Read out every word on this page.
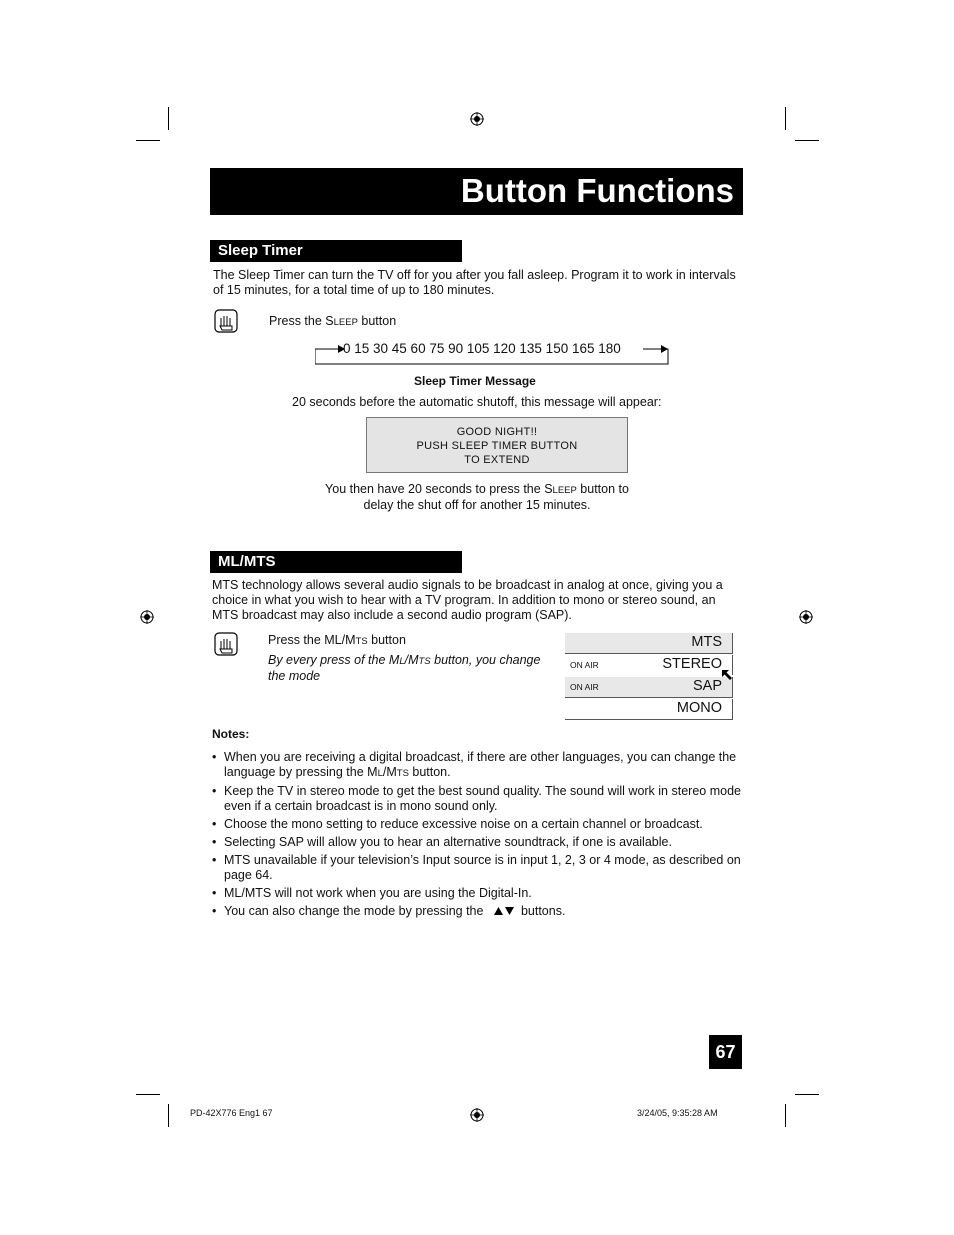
Button Functions
Sleep Timer
The Sleep Timer can turn the TV off for you after you fall asleep. Program it to work in intervals of 15 minutes, for a total time of up to 180 minutes.
Press the SLEEP button
0 15 30 45 60 75 90 105 120 135 150 165 180
Sleep Timer Message
20 seconds before the automatic shutoff, this message will appear:
GOOD NIGHT!!
PUSH SLEEP TIMER BUTTON
TO EXTEND
You then have 20 seconds to press the SLEEP button to
delay the shut off for another 15 minutes.
ML/MTS
MTS technology allows several audio signals to be broadcast in analog at once, giving you a choice in what you wish to hear with a TV program. In addition to mono or stereo sound, an MTS broadcast may also include a second audio program (SAP).
Press the ML/MTS button
By every press of the ML/MTS button, you change the mode
MTS
ON AIR	STEREO
ON AIR	SAP
MONO
Notes:
• When you are receiving a digital broadcast, if there are other languages, you can change the language by pressing the ML/MTS button.
• Keep the TV in stereo mode to get the best sound quality. The sound will work in stereo mode even if a certain broadcast is in mono sound only.
• Choose the mono setting to reduce excessive noise on a certain channel or broadcast.
• Selecting SAP will allow you to hear an alternative soundtrack, if one is available.
• MTS unavailable if your television’s Input source is in input 1, 2, 3 or 4 mode, as described on page 64.
• ML/MTS will not work when you are using the Digital-In.
• You can also change the mode by pressing the	buttons.
67
PD-42X776 Eng1 67	3/24/05, 9:35:28 AM
